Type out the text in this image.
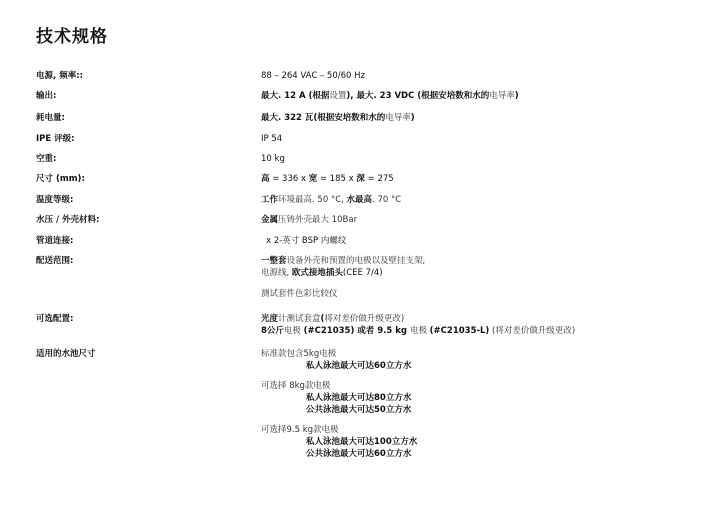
技术规格
电源, 频率::	88 – 264 VAC – 50/60 Hz
输出:	最大. 12 A (根据设置), 最大. 23 VDC (根据安培数和水的电导率)
耗电量:	最大. 322 瓦(根据安培数和水的电导率)
IPE 评级:	IP 54
空重:	10 kg
尺寸 (mm):	高 = 336 x 宽 = 185 x 深 = 275
温度等级:	工作环境最高. 50 °C, 水最高. 70 °C
水压 / 外壳材料:	金属压铸外壳最大 10Bar
管道连接:	x 2-英寸 BSP 内螺纹
配送范围:	一整套设备外壳和预置的电极以及壁挂支架,
电源线, 欧式接地插头(CEE 7/4)
测试套件色彩比较仪
可选配置:	光度计测试套盒(将对差价做升级更改)
8公斤电极 (#C21035) 或者 9.5 kg 电极 (#C21035-L) (将对差价做升级更改)
适用的水池尺寸	标准款包含5kg电极
私人泳池最大可达60立方水
可选择 8kg款电极
私人泳池最大可达80立方水
公共泳池最大可达50立方水
可选择9.5 kg款电极
私人泳池最大可达100立方水
公共泳池最大可达60立方水
